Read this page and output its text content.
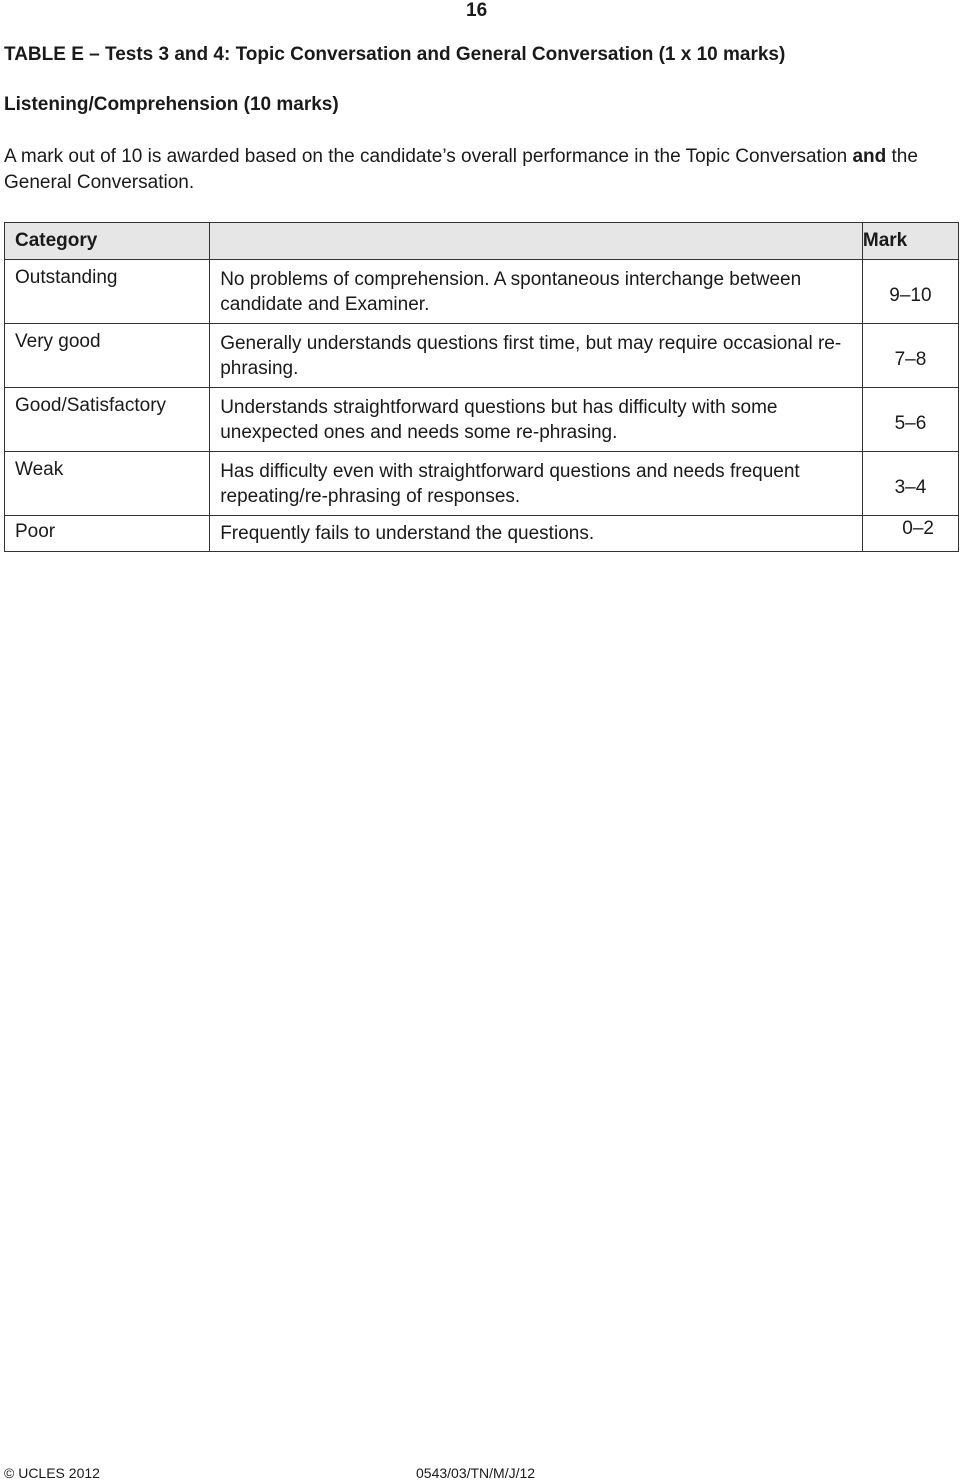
16
TABLE E – Tests 3 and 4: Topic Conversation and General Conversation (1 x 10 marks)
Listening/Comprehension (10 marks)
A mark out of 10 is awarded based on the candidate’s overall performance in the Topic Conversation and the General Conversation.
Category		Mark
Outstanding	No problems of comprehension. A spontaneous interchange between candidate and Examiner.	9–10
Very good	Generally understands questions first time, but may require occasional re-phrasing.	7–8
Good/Satisfactory	Understands straightforward questions but has difficulty with some unexpected ones and needs some re-phrasing.	5–6
Weak	Has difficulty even with straightforward questions and needs frequent repeating/re-phrasing of responses.	3–4
Poor	Frequently fails to understand the questions.	0–2
© UCLES 2012	0543/03/TN/M/J/12
